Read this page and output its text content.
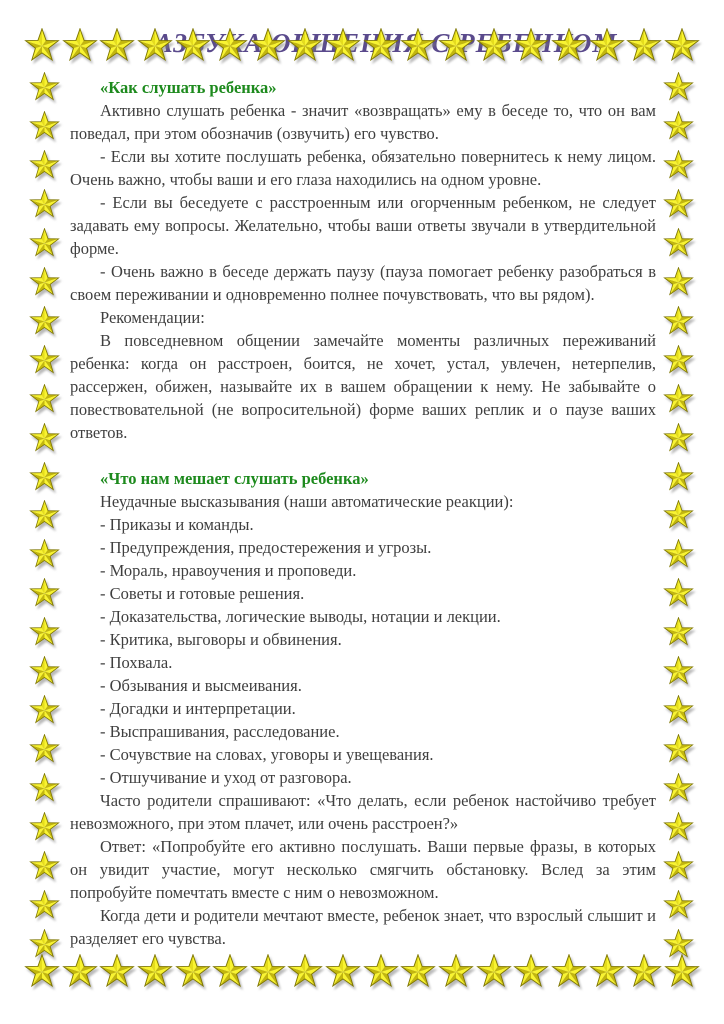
АЗБУКА С
«Как слушать ребенка»

Активно слушать ребенка - значит «возвращать» ему в беседе то, что он вам поведал, при этом обозначив (озвучить) его чувство.

- Если вы хотите послушать ребенка, обязательно повернитесь к нему лицом. Очень важно, чтобы ваши и его глаза находились на одном уровне.

- Если вы беседуете с расстроенным или огорченным ребенком, не следует задавать ему вопросы. Желательно, чтобы ваши ответы звучали в утвердительной форме.

- Очень важно в беседе держать паузу (пауза помогает ребенку разобраться в своем переживании и одновременно полнее почувствовать, что вы рядом).

Рекомендации:

В повседневном общении замечайте моменты различных переживаний ребенка: когда он расстроен, боится, не хочет, устал, увлечен, нетерпелив, рассержен, обижен, называйте их в вашем обращении к нему. Не забывайте о повествовательной (не вопросительной) форме ваших реплик и о паузе ваших ответов.

«Что нам мешает слушать ребенка»

Неудачные высказывания (наши автоматические реакции):

- Приказы и команды.

- Предупреждения, предостережения и угрозы.

- Мораль, нравоучения и проповеди.

- Советы и готовые решения.

- Доказательства, логические выводы, нотации и лекции.

- Критика, выговоры и обвинения.

- Похвала.

- Обзывания и высмеивания.

- Догадки и интерпретации.

- Выспрашивания, расследование.

- Сочувствие на словах, уговоры и увещевания.

- Отшучивание и уход от разговора.

Часто родители спрашивают: «Что делать, если ребенок настойчиво требует невозможного, при этом плачет, или очень расстроен?»

Ответ: «Попробуйте его активно послушать. Ваши первые фразы, в которых он увидит участие, могут несколько смягчить обстановку. Вслед за этим попробуйте помечтать вместе с ним о невозможном.

Когда дети и родители мечтают вместе, ребенок знает, что взрослый слышит и разделяет его чувства.
